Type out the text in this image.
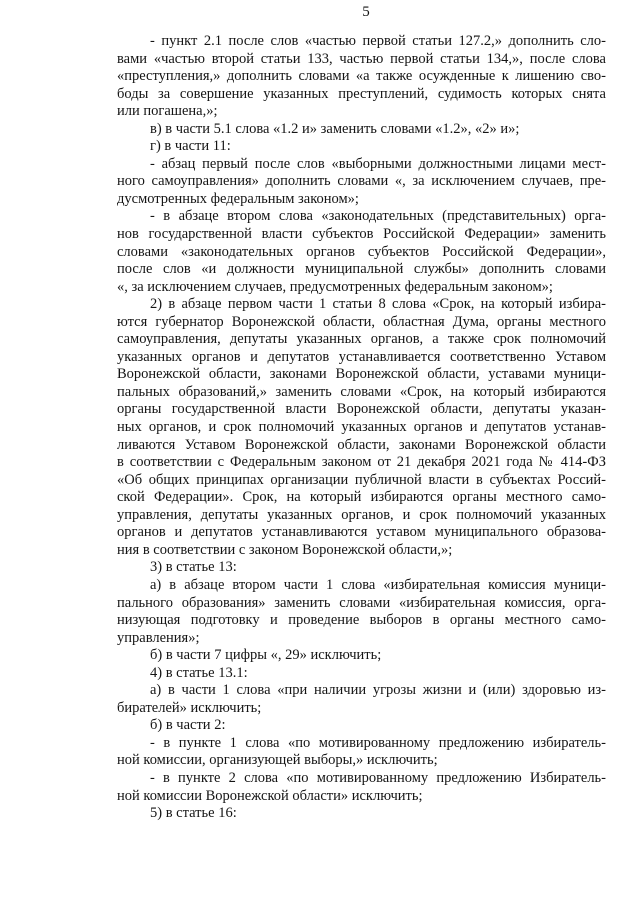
5
- пункт 2.1 после слов «частью первой статьи 127.2,» дополнить сло-
вами «частью второй статьи 133, частью первой статьи 134,», после слова
«преступления,» дополнить словами «а также осужденные к лишению сво-
боды за совершение указанных преступлений, судимость которых снята
или погашена,»;
в) в части 5.1 слова «1.2 и» заменить словами «1.2», «2» и»;
г) в части 11:
- абзац первый после слов «выборными должностными лицами мест-
ного самоуправления» дополнить словами «, за исключением случаев, пре-
дусмотренных федеральным законом»;
- в абзаце втором слова «законодательных (представительных) орга-
нов государственной власти субъектов Российской Федерации» заменить
словами «законодательных органов субъектов Российской Федерации»,
после слов «и должности муниципальной службы» дополнить словами
«, за исключением случаев, предусмотренных федеральным законом»;
2) в абзаце первом части 1 статьи 8 слова «Срок, на который избира-
ются губернатор Воронежской области, областная Дума, органы местного
самоуправления, депутаты указанных органов, а также срок полномочий
указанных органов и депутатов устанавливается соответственно Уставом
Воронежской области, законами Воронежской области, уставами муници-
пальных образований,» заменить словами «Срок, на который избираются
органы государственной власти Воронежской области, депутаты указан-
ных органов, и срок полномочий указанных органов и депутатов устанав-
ливаются Уставом Воронежской области, законами Воронежской области
в соответствии с Федеральным законом от 21 декабря 2021 года № 414-ФЗ
«Об общих принципах организации публичной власти в субъектах Россий-
ской Федерации». Срок, на который избираются органы местного само-
управления, депутаты указанных органов, и срок полномочий указанных
органов и депутатов устанавливаются уставом муниципального образова-
ния в соответствии с законом Воронежской области,»;
3) в статье 13:
а) в абзаце втором части 1 слова «избирательная комиссия муници-
пального образования» заменить словами «избирательная комиссия, орга-
низующая подготовку и проведение выборов в органы местного само-
управления»;
б) в части 7 цифры «, 29» исключить;
4) в статье 13.1:
а) в части 1 слова «при наличии угрозы жизни и (или) здоровью из-
бирателей» исключить;
б) в части 2:
- в пункте 1 слова «по мотивированному предложению избиратель-
ной комиссии, организующей выборы,» исключить;
- в пункте 2 слова «по мотивированному предложению Избиратель-
ной комиссии Воронежской области» исключить;
5) в статье 16:
